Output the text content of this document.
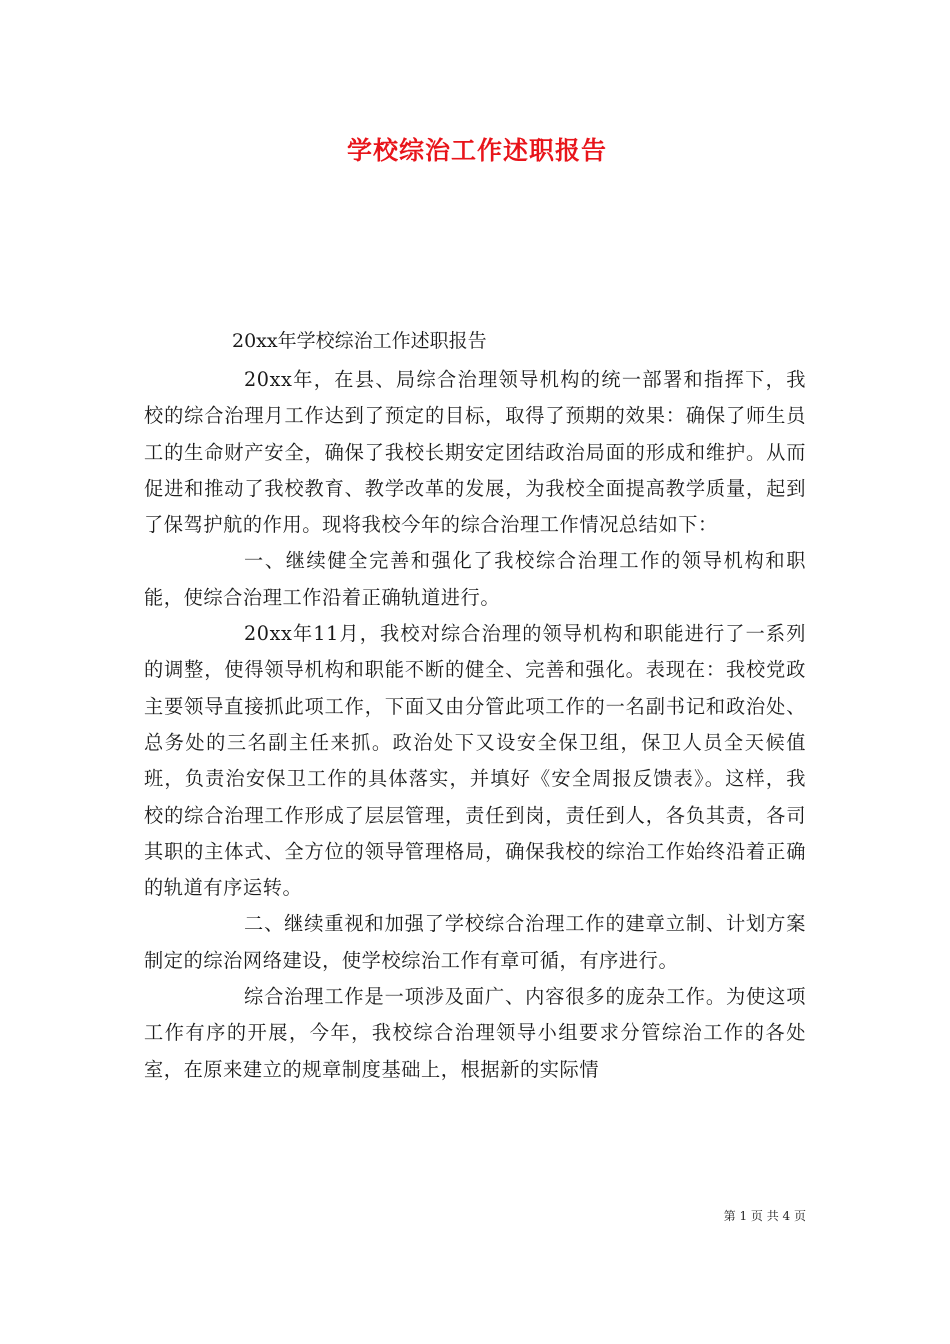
学校综治工作述职报告
20xx年学校综治工作述职报告

20xx年，在县、局综合治理领导机构的统一部署和指挥下，我校的综合治理月工作达到了预定的目标，取得了预期的效果：确保了师生员工的生命财产安全，确保了我校长期安定团结政治局面的形成和维护。从而促进和推动了我校教育、教学改革的发展，为我校全面提高教学质量，起到了保驾护航的作用。现将我校今年的综合治理工作情况总结如下：

一、继续健全完善和强化了我校综合治理工作的领导机构和职能，使综合治理工作沿着正确轨道进行。

20xx年11月，我校对综合治理的领导机构和职能进行了一系列的调整，使得领导机构和职能不断的健全、完善和强化。表现在：我校党政主要领导直接抓此项工作，下面又由分管此项工作的一名副书记和政治处、总务处的三名副主任来抓。政治处下又设安全保卫组，保卫人员全天候值班，负责治安保卫工作的具体落实，并填好《安全周报反馈表》。这样，我校的综合治理工作形成了层层管理，责任到岗，责任到人，各负其责，各司其职的主体式、全方位的领导管理格局，确保我校的综治工作始终沿着正确的轨道有序运转。

二、继续重视和加强了学校综合治理工作的建章立制、计划方案制定的综治网络建设，使学校综治工作有章可循，有序进行。

综合治理工作是一项涉及面广、内容很多的庞杂工作。为使这项工作有序的开展，今年，我校综合治理领导小组要求分管综治工作的各处室，在原来建立的规章制度基础上，根据新的实际情

第 1 页 共 4 页
